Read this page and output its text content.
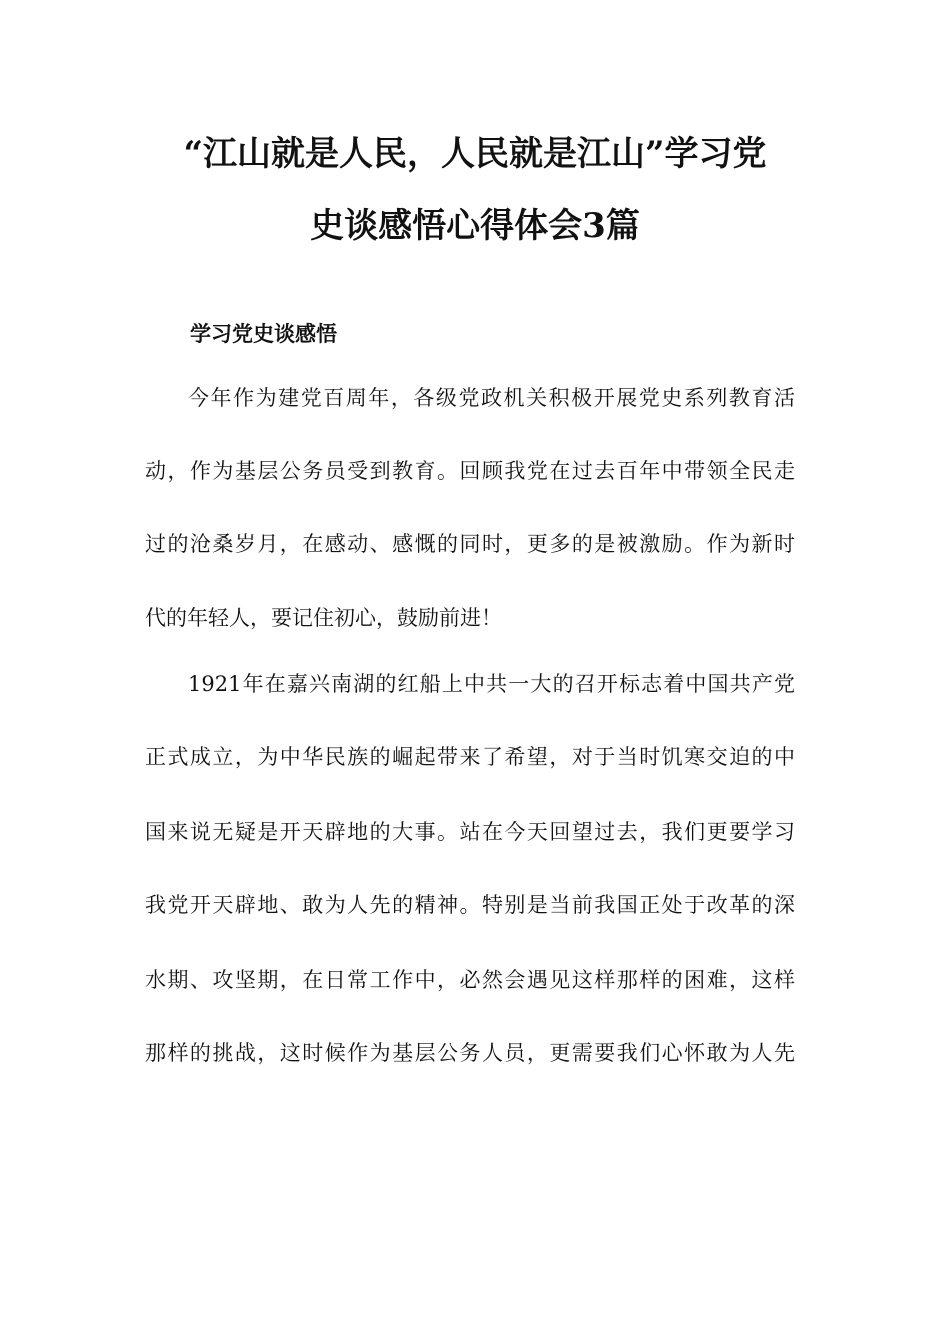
“江山就是人民，人民就是江山”学习党
史谈感悟心得体会3篇
学习党史谈感悟

今年作为建党百周年，各级党政机关积极开展党史系列教育活

动，作为基层公务员受到教育。回顾我党在过去百年中带领全民走

过的沧桑岁月，在感动、感慨的同时，更多的是被激励。作为新时

代的年轻人，要记住初心，鼓励前进！

1921年在嘉兴南湖的红船上中共一大的召开标志着中国共产党

正式成立，为中华民族的崛起带来了希望，对于当时饥寒交迫的中

国来说无疑是开天辟地的大事。站在今天回望过去，我们更要学习

我党开天辟地、敢为人先的精神。特别是当前我国正处于改革的深

水期、攻坚期，在日常工作中，必然会遇见这样那样的困难，这样

那样的挑战，这时候作为基层公务人员，更需要我们心怀敢为人先
